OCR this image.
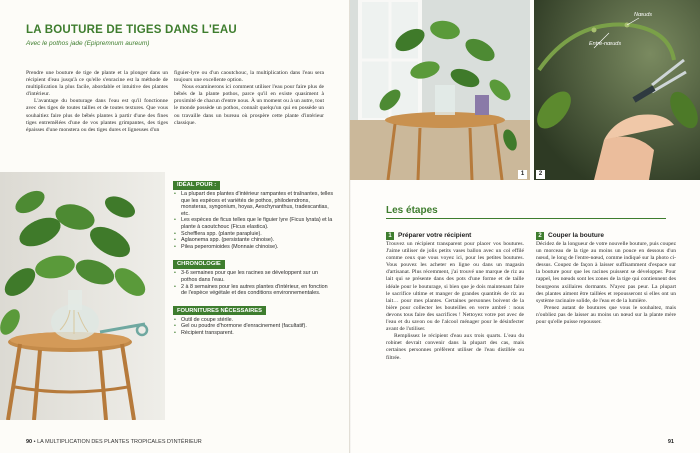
LA BOUTURE DE TIGES DANS L'EAU
Avec le pothos jade (Epipremnum aureum)

Prendre une bouture de tige de plante et la plonger dans un récipient d'eau jusqu'à ce qu'elle s'enracine est la méthode de multiplication la plus facile, abordable et intuitive des plantes d'intérieur.

L'avantage du bouturage dans l'eau est qu'il fonctionne avec des tiges de toutes tailles et de toutes textures. Que vous souhaitiez faire plus de bébés plantes à partir d'une des fines tiges entremêlées d'une de vos plantes grimpantes, des tiges épaisses d'une monstera ou des tiges dures et ligneuses d'un

figuier-lyre ou d'un caoutchouc, la multiplication dans l'eau sera toujours une excellente option.

Nous examinerons ici comment utiliser l'eau pour faire plus de bébés de la plante pothos, parce qu'il en existe quasiment à proximité de chacun d'entre nous. À un moment ou à un autre, tout le monde possède un pothos, connaît quelqu'un qui en possède un ou travaille dans un bureau où prospère cette plante d'intérieur classique.

IDÉAL POUR :
• La plupart des plantes d'intérieur rampantes et traînantes, telles que les espèces et variétés de pothos, philodendrons, monsteras, syngonium, hoyas, Aeschynanthus, tradescantias, etc.
• Les espèces de ficus telles que le figuier lyre (Ficus lyrata) et la plante à caoutchouc (Ficus elastica).
• Schefflera spp. (plante parapluie).
• Aglaonema spp. (persistante chinoise).
• Pilea peperomioides (Monnaie chinoise).
CHRONOLOGIE
• 3-6 semaines pour que les racines se développent sur un pothos dans l'eau.
• 2 à 8 semaines pour les autres plantes d'intérieur, en fonction de l'espèce végétale et des conditions environnementales.
FOURNITURES NÉCESSAIRES
• Outil de coupe stérile.
• Gel ou poudre d'hormone d'enracinement (facultatif).
• Récipient transparent.
90 • LA MULTIPLICATION DES PLANTES TROPICALES D'INTÉRIEUR
1
Nœuds
Entre-nœuds
2
Les étapes
1 Préparer votre récipient

Trouvez un récipient transparent pour placer vos boutures. J'aime utiliser de jolis petits vases ballon avec un col effilé comme ceux que vous voyez ici, pour les petites boutures. Vous pouvez les acheter en ligne ou dans un magasin d'artisanat. Plus récemment, j'ai trouvé une marque de riz au lait qui se présente dans des pots d'une forme et de taille idéale pour le bouturage, si bien que je dois maintenant faire le sacrifice ultime et manger de grandes quantités de riz au lait… pour mes plantes. Certaines personnes boivent de la bière pour collecter les bouteilles en verre ambré : nous devons tous faire des sacrifices ! Nettoyez votre pot avec de l'eau et du savon ou de l'alcool ménager pour le désinfecter avant de l'utiliser.

Remplissez le récipient d'eau aux trois quarts. L'eau du robinet devrait convenir dans la plupart des cas, mais certaines personnes préfèrent utiliser de l'eau distillée ou filtrée.

2 Couper la bouture

Décidez de la longueur de votre nouvelle bouture, puis coupez un morceau de la tige au moins un pouce en dessous d'un nœud, le long de l'entre-nœud, comme indiqué sur la photo ci-dessus. Coupez de façon à laisser suffisamment d'espace sur la bouture pour que les racines puissent se développer. Pour rappel, les nœuds sont les zones de la tige qui contiennent des bourgeons axillaires dormants. N'ayez pas peur. La plupart des plantes aiment être taillées et repousseront si elles ont un système racinaire solide, de l'eau et de la lumière.

Prenez autant de boutures que vous le souhaitez, mais n'oubliez pas de laisser au moins un nœud sur la plante mère pour qu'elle puisse repousser.

91
